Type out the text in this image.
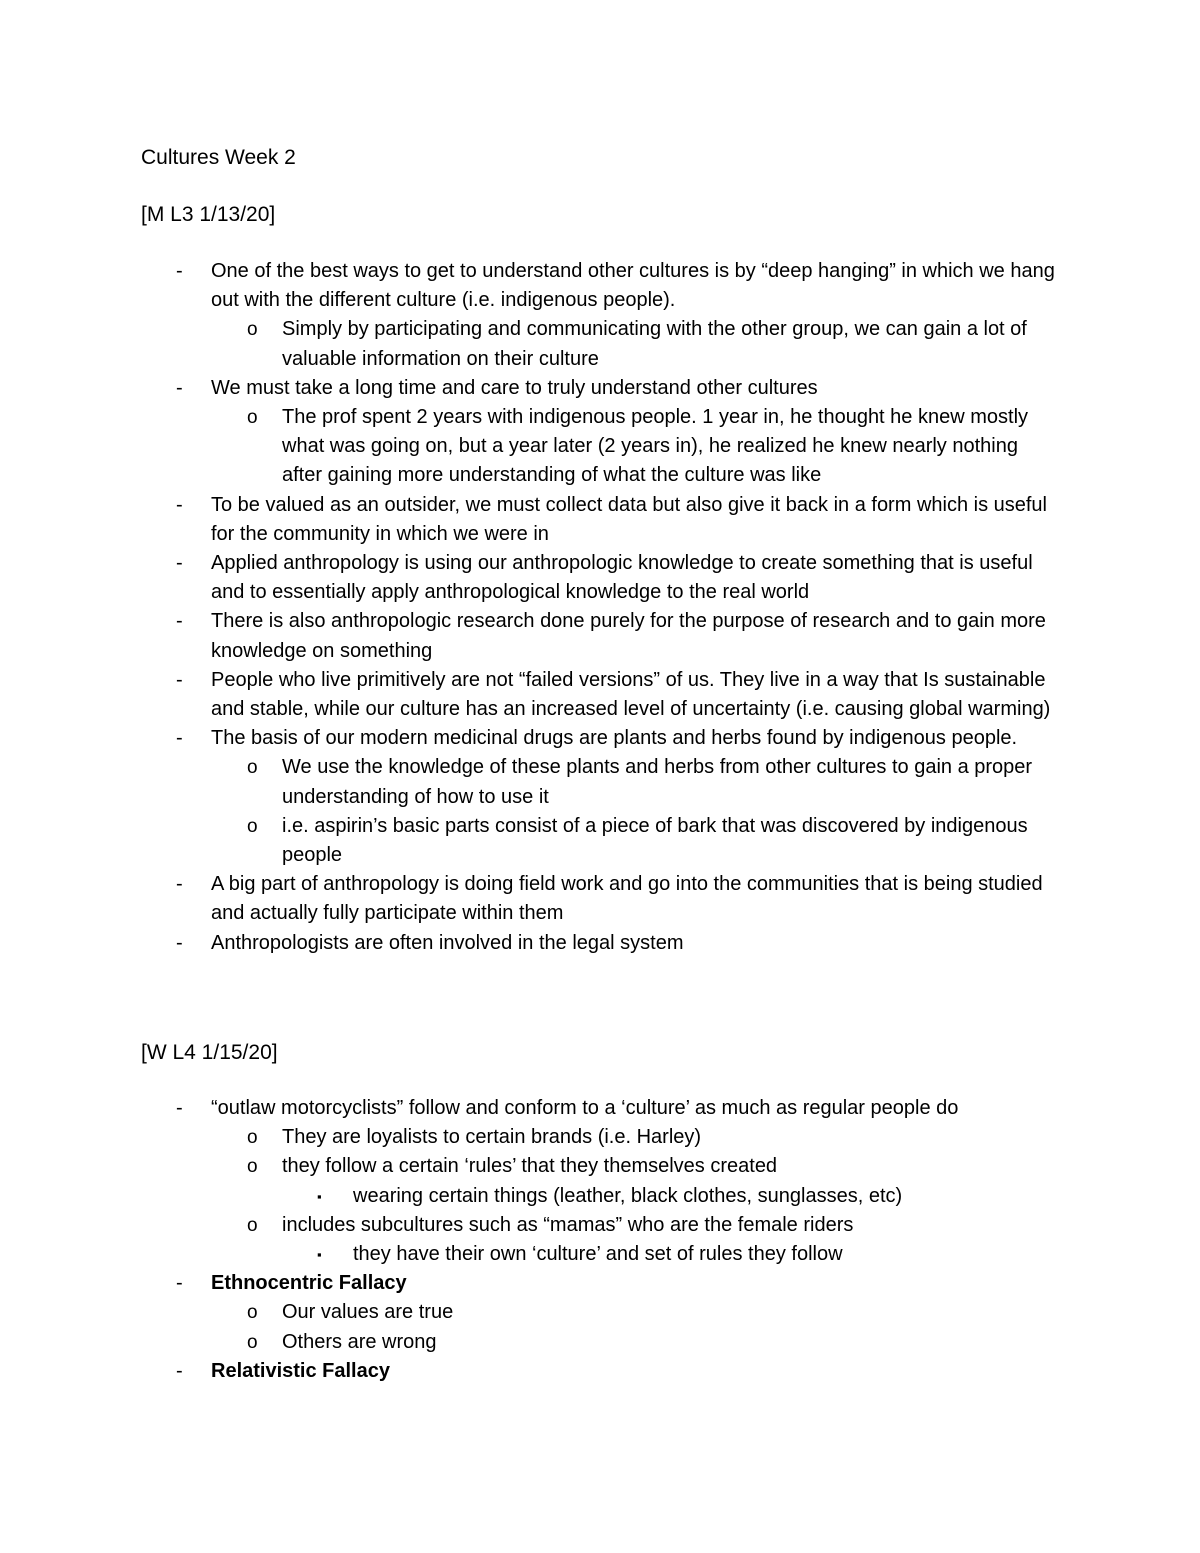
Cultures Week 2
[M L3 1/13/20]
- One of the best ways to get to understand other cultures is by “deep hanging” in which we hang out with the different culture (i.e. indigenous people).
o Simply by participating and communicating with the other group, we can gain a lot of valuable information on their culture
- We must take a long time and care to truly understand other cultures
o The prof spent 2 years with indigenous people. 1 year in, he thought he knew mostly what was going on, but a year later (2 years in), he realized he knew nearly nothing after gaining more understanding of what the culture was like
- To be valued as an outsider, we must collect data but also give it back in a form which is useful for the community in which we were in
- Applied anthropology is using our anthropologic knowledge to create something that is useful and to essentially apply anthropological knowledge to the real world
- There is also anthropologic research done purely for the purpose of research and to gain more knowledge on something
- People who live primitively are not “failed versions” of us. They live in a way that Is sustainable and stable, while our culture has an increased level of uncertainty (i.e. causing global warming)
- The basis of our modern medicinal drugs are plants and herbs found by indigenous people.
o We use the knowledge of these plants and herbs from other cultures to gain a proper understanding of how to use it
o i.e. aspirin’s basic parts consist of a piece of bark that was discovered by indigenous people
- A big part of anthropology is doing field work and go into the communities that is being studied and actually fully participate within them
- Anthropologists are often involved in the legal system
[W L4 1/15/20]
- “outlaw motorcyclists” follow and conform to a ‘culture’ as much as regular people do
o They are loyalists to certain brands (i.e. Harley)
o they follow a certain ‘rules’ that they themselves created
▪ wearing certain things (leather, black clothes, sunglasses, etc)
o includes subcultures such as “mamas” who are the female riders
▪ they have their own ‘culture’ and set of rules they follow
- Ethnocentric Fallacy
o Our values are true
o Others are wrong
- Relativistic Fallacy
